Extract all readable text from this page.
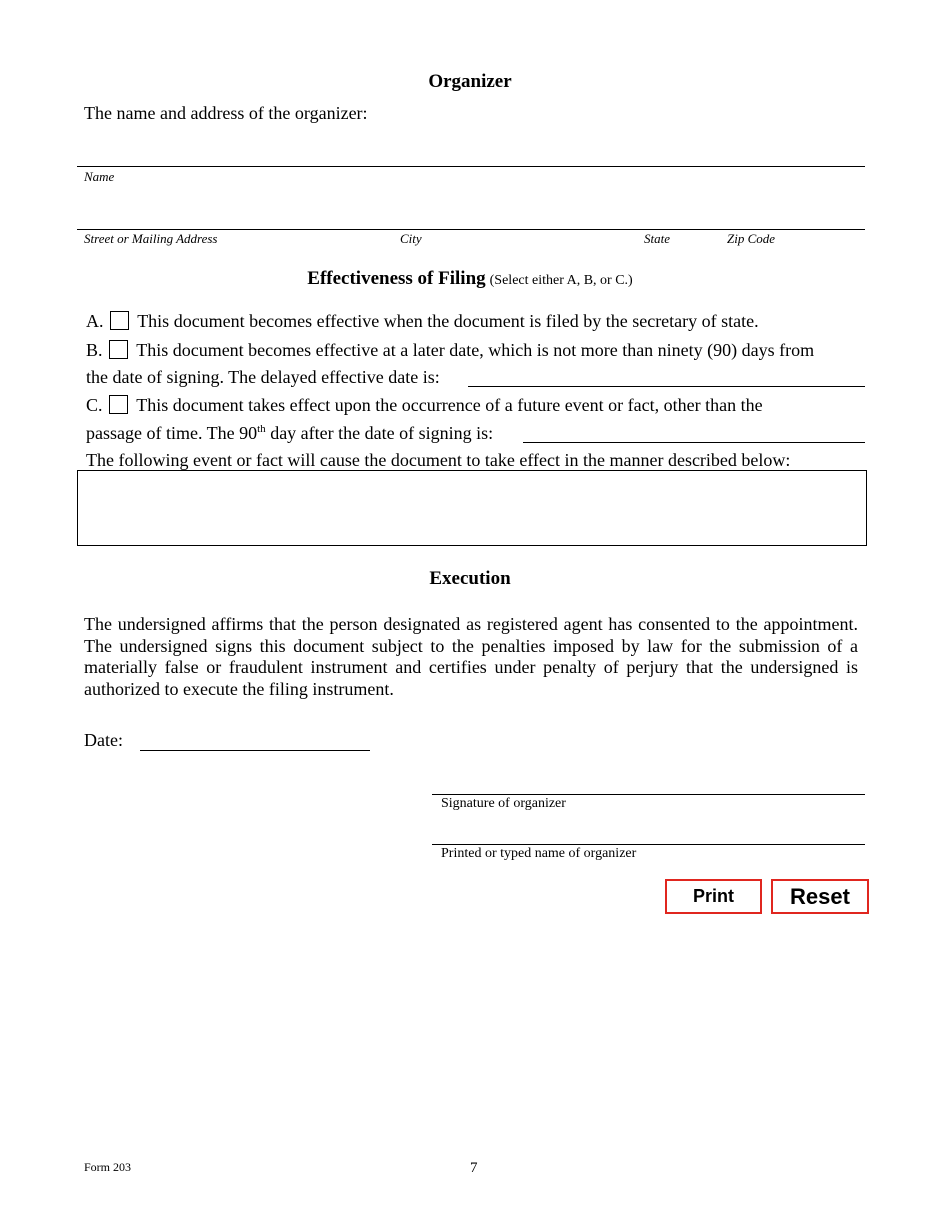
Organizer
The name and address of the organizer:
Name
Street or Mailing Address	City	State	Zip Code
Effectiveness of Filing (Select either A, B, or C.)
A. This document becomes effective when the document is filed by the secretary of state.
B. This document becomes effective at a later date, which is not more than ninety (90) days from
the date of signing. The delayed effective date is:
C. This document takes effect upon the occurrence of a future event or fact, other than the
passage of time. The 90th day after the date of signing is:
The following event or fact will cause the document to take effect in the manner described below:
Execution
The undersigned affirms that the person designated as registered agent has consented to the appointment. The undersigned signs this document subject to the penalties imposed by law for the submission of a materially false or fraudulent instrument and certifies under penalty of perjury that the undersigned is authorized to execute the filing instrument.
Date:
Signature of organizer
Printed or typed name of organizer
Print	Reset
Form 203	7
